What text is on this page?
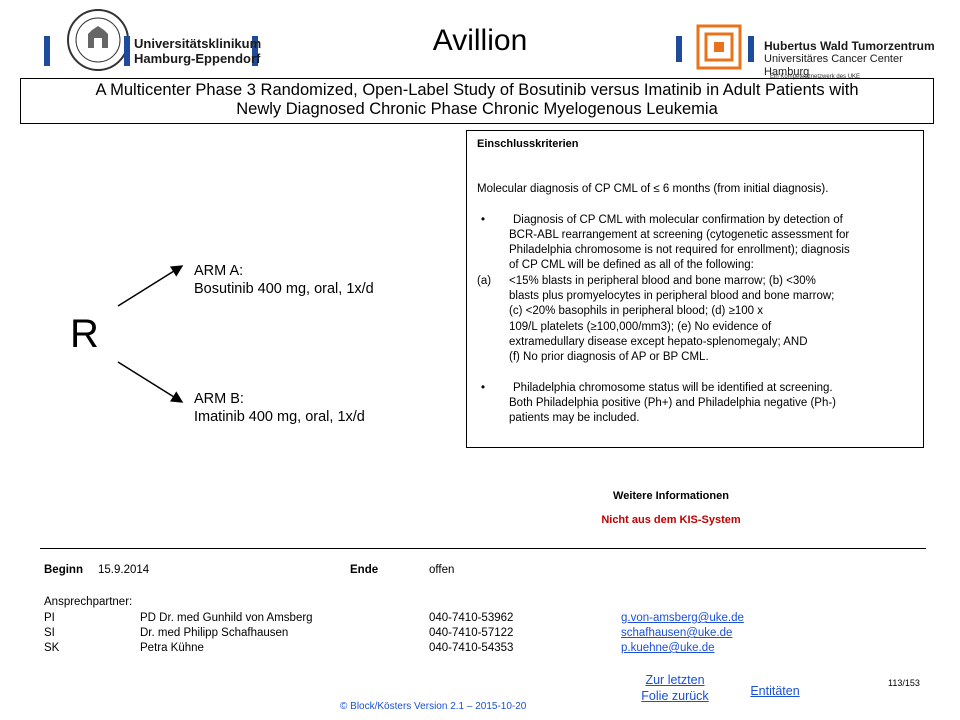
Universitätsklinikum
Hamburg-Eppendorf
Avillion	Hubertus Wald Tumorzentrum
Universitäres Cancer Center Hamburg
Ein Kompetenznetzwerk des UKE
A Multicenter Phase 3 Randomized, Open-Label Study of Bosutinib versus Imatinib in Adult Patients with
Newly Diagnosed Chronic Phase Chronic Myelogenous Leukemia
R
ARM A:
Bosutinib 400 mg, oral, 1x/d
ARM B:
Imatinib 400 mg, oral, 1x/d

Einschlusskriterien

Molecular diagnosis of CP CML of ≤ 6 months (from initial diagnosis).

•	Diagnosis of CP CML with molecular confirmation by detection of
BCR-ABL rearrangement at screening (cytogenetic assessment for
Philadelphia chromosome is not required for enrollment); diagnosis
of CP CML will be defined as all of the following:
(a)	<15% blasts in peripheral blood and bone marrow; (b) <30%
blasts plus promyelocytes in peripheral blood and bone marrow;
(c) <20% basophils in peripheral blood; (d) ≥100 x
109/L platelets (≥100,000/mm3); (e) No evidence of
extramedullary disease except hepato-splenomegaly; AND
(f) No prior diagnosis of AP or BP CML.
•	Philadelphia chromosome status will be identified at screening.
Both Philadelphia positive (Ph+) and Philadelphia negative (Ph-)
patients may be included.
Weitere Informationen
Nicht aus dem KIS-System
Beginn 15.9.2014	Ende	offen
Ansprechpartner:
PI	PD Dr. med Gunhild von Amsberg	040-7410-53962	g.von-amsberg@uke.de
SI	Dr. med Philipp Schafhausen	040-7410-57122	schafhausen@uke.de
SK	Petra Kühne	040-7410-54353	p.kuehne@uke.de
Zur letzten
Folie zurück	Entitäten
113/153
© Block/Kösters Version 2.1 – 2015-10-20
